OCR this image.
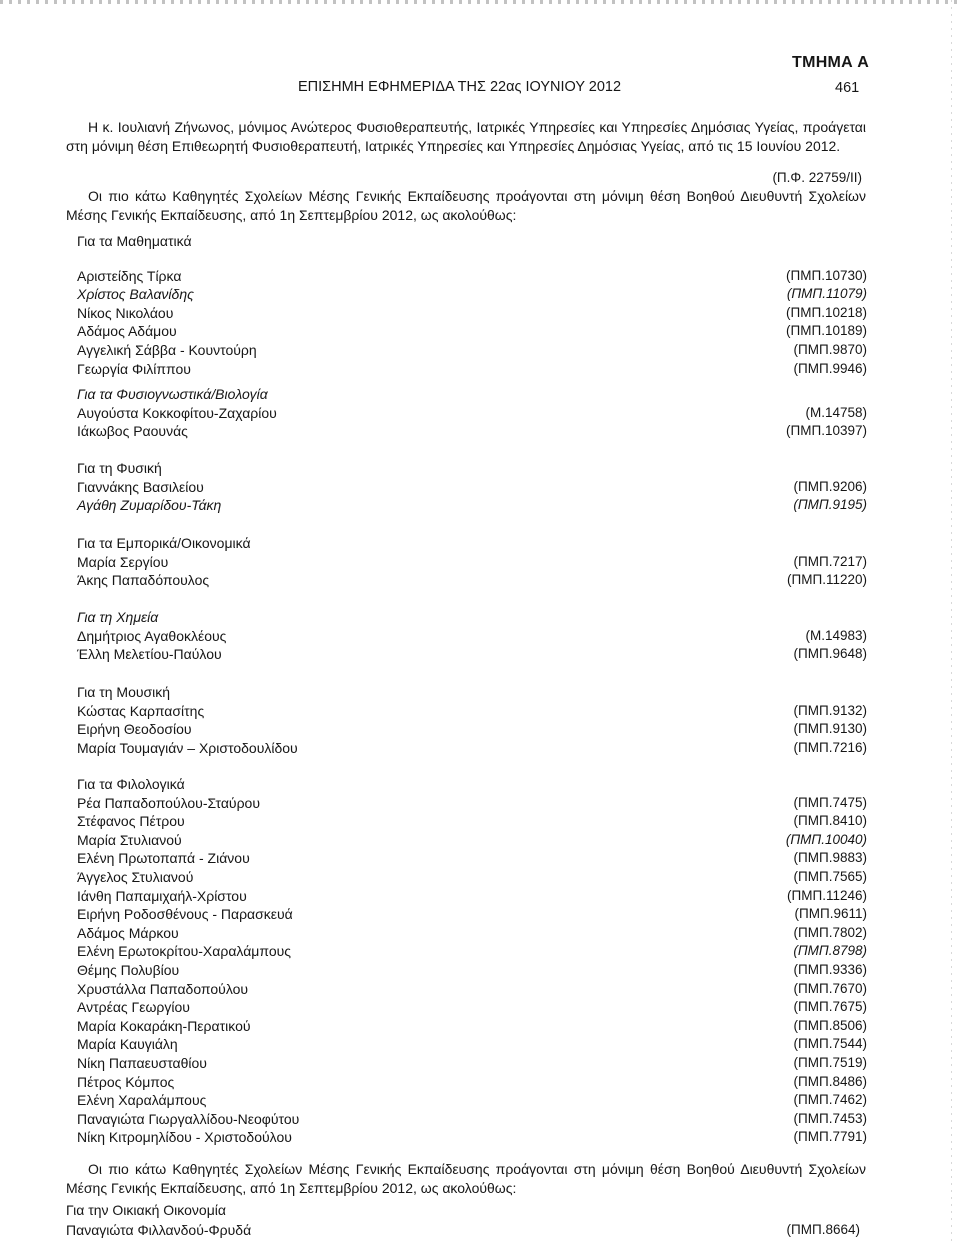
ΤΜΗΜΑ Α
ΕΠΙΣΗΜΗ ΕΦΗΜΕΡΙΔΑ ΤΗΣ 22ας ΙΟΥΝΙΟΥ 2012	461
Η κ. Ιουλιανή Ζήνωνος, μόνιμος Ανώτερος Φυσιοθεραπευτής, Ιατρικές Υπηρεσίες και Υπηρεσίες Δημόσιας Υγείας, προάγεται στη μόνιμη θέση Επιθεωρητή Φυσιοθεραπευτή, Ιατρικές Υπηρεσίες και Υπηρεσίες Δημόσιας Υγείας, από τις 15 Ιουνίου 2012.
(Π.Φ. 22759/ΙΙ)
Οι πιο κάτω Καθηγητές Σχολείων Μέσης Γενικής Εκπαίδευσης προάγονται στη μόνιμη θέση Βοηθού Διευθυντή Σχολείων Μέσης Γενικής Εκπαίδευσης, από 1η Σεπτεμβρίου 2012, ως ακολούθως:
Για τα Μαθηματικά
Αριστείδης Τίρκα	(ΠΜΠ.10730)
Χρίστος Βαλανίδης	(ΠΜΠ.11079)
Νίκος Νικολάου	(ΠΜΠ.10218)
Αδάμος Αδάμου	(ΠΜΠ.10189)
Αγγελική Σάββα - Κουντούρη	(ΠΜΠ.9870)
Γεωργία Φιλίππου	(ΠΜΠ.9946)
Για τα Φυσιογνωστικά/Βιολογία
Αυγούστα Κοκκοφίτου-Ζαχαρίου	(Μ.14758)
Ιάκωβος Ραουνάς	(ΠΜΠ.10397)
Για τη Φυσική
Γιαννάκης Βασιλείου	(ΠΜΠ.9206)
Αγάθη Ζυμαρίδου-Τάκη	(ΠΜΠ.9195)
Για τα Εμπορικά/Οικονομικά
Μαρία Σεργίου	(ΠΜΠ.7217)
Άκης Παπαδόπουλος	(ΠΜΠ.11220)
Για τη Χημεία
Δημήτριος Αγαθοκλέους	(Μ.14983)
Έλλη Μελετίου-Παύλου	(ΠΜΠ.9648)
Για τη Μουσική
Κώστας Καρπασίτης	(ΠΜΠ.9132)
Ειρήνη Θεοδοσίου	(ΠΜΠ.9130)
Μαρία Τουμαγιάν – Χριστοδουλίδου	(ΠΜΠ.7216)
Για τα Φιλολογικά
Ρέα Παπαδοπούλου-Σταύρου	(ΠΜΠ.7475)
Στέφανος Πέτρου	(ΠΜΠ.8410)
Μαρία Στυλιανού	(ΠΜΠ.10040)
Ελένη Πρωτοπαπά - Ζιάνου	(ΠΜΠ.9883)
Άγγελος Στυλιανού	(ΠΜΠ.7565)
Ιάνθη Παπαμιχαήλ-Χρίστου	(ΠΜΠ.11246)
Ειρήνη Ροδοσθένους - Παρασκευά	(ΠΜΠ.9611)
Αδάμος Μάρκου	(ΠΜΠ.7802)
Ελένη Ερωτοκρίτου-Χαραλάμπους	(ΠΜΠ.8798)
Θέμης Πολυβίου	(ΠΜΠ.9336)
Χρυστάλλα Παπαδοπούλου	(ΠΜΠ.7670)
Αντρέας Γεωργίου	(ΠΜΠ.7675)
Μαρία Κοκαράκη-Περατικού	(ΠΜΠ.8506)
Μαρία Καυγιάλη	(ΠΜΠ.7544)
Νίκη Παπαευσταθίου	(ΠΜΠ.7519)
Πέτρος Κόμπος	(ΠΜΠ.8486)
Ελένη Χαραλάμπους	(ΠΜΠ.7462)
Παναγιώτα Γιωργαλλίδου-Νεοφύτου	(ΠΜΠ.7453)
Νίκη Κιτρομηλίδου - Χριστοδούλου	(ΠΜΠ.7791)
Οι πιο κάτω Καθηγητές Σχολείων Μέσης Γενικής Εκπαίδευσης προάγονται στη μόνιμη θέση Βοηθού Διευθυντή Σχολείων Μέσης Γενικής Εκπαίδευσης, από 1η Σεπτεμβρίου 2012, ως ακολούθως:
Για την Οικιακή Οικονομία
Παναγιώτα Φιλλανδού-Φρυδά	(ΠΜΠ.8664)
